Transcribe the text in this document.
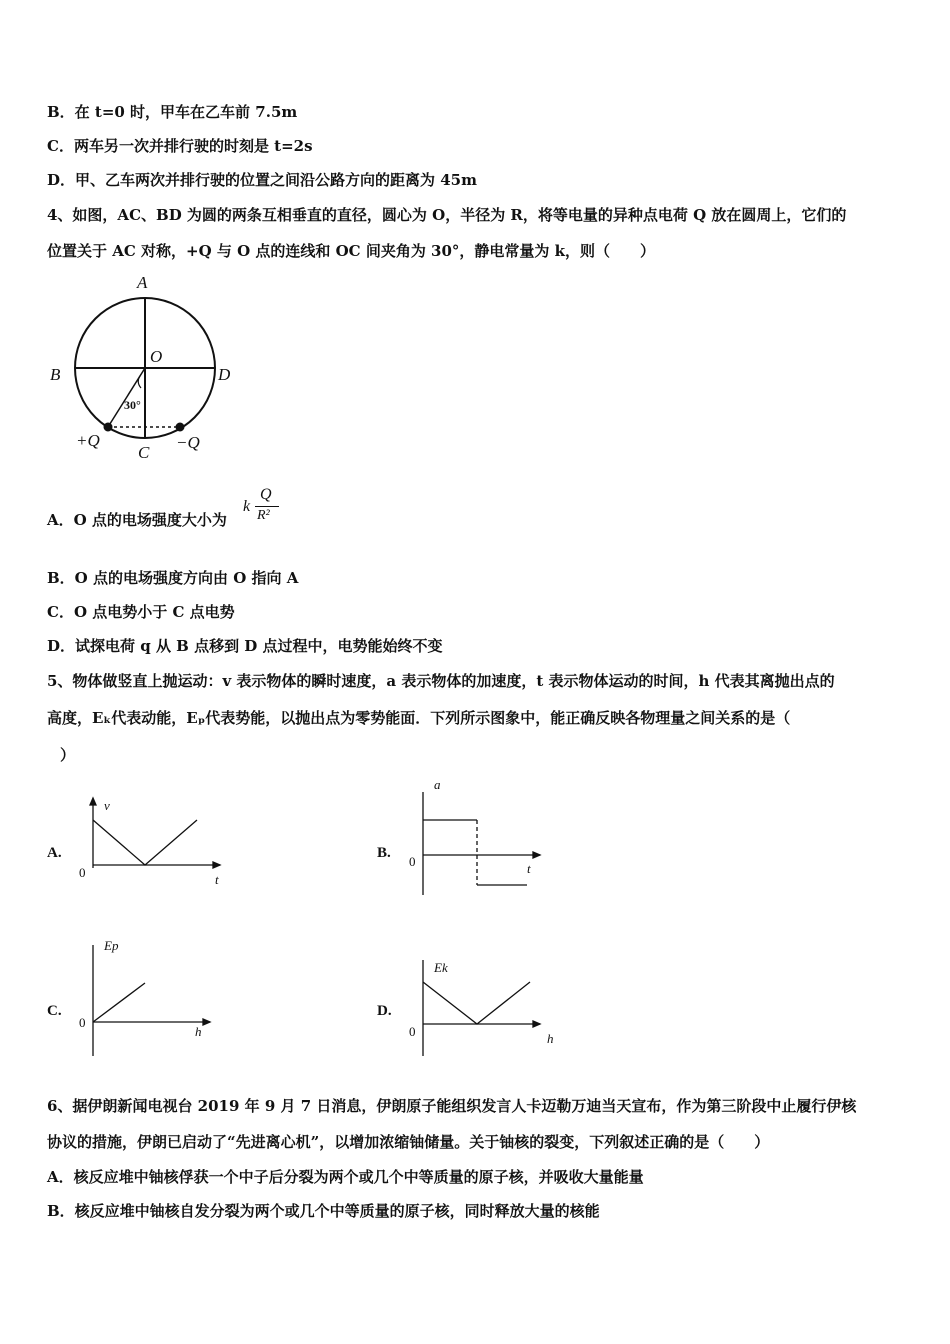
B．在 t=0 时，甲车在乙车前 7.5m
C．两车另一次并排行驶的时刻是 t=2s
D．甲、乙车两次并排行驶的位置之间沿公路方向的距离为 45m
4、如图，AC、BD 为圆的两条互相垂直的直径，圆心为 O，半径为 R，将等电量的异种点电荷 Q 放在圆周上，它们的
位置关于 AC 对称，+Q 与 O 点的连线和 OC 间夹角为 30°，静电常量为 k，则（　　）
A．O 点的电场强度大小为
k
Q
R²
B．O 点的电场强度方向由 O 指向 A
C．O 点电势小于 C 点电势
D．试探电荷 q 从 B 点移到 D 点过程中，电势能始终不变
5、物体做竖直上抛运动：v 表示物体的瞬时速度，a 表示物体的加速度，t 表示物体运动的时间，h 代表其离抛出点的
高度，Eₖ代表动能，Eₚ代表势能，以抛出点为零势能面．下列所示图象中，能正确反映各物理量之间关系的是（
）
6、据伊朗新闻电视台 2019 年 9 月 7 日消息，伊朗原子能组织发言人卡迈勒万迪当天宣布，作为第三阶段中止履行伊核
协议的措施，伊朗已启动了“先进离心机”，以增加浓缩铀储量。关于铀核的裂变，下列叙述正确的是（　　）
A．核反应堆中铀核俘获一个中子后分裂为两个或几个中等质量的原子核，并吸收大量能量
B．核反应堆中铀核自发分裂为两个或几个中等质量的原子核，同时释放大量的核能
A
B	D
O
30°
+Q
C
−Q
A.
v
0	t
B.
a
0	t
C.
Ep
0
h
D.
Ek
0	h
